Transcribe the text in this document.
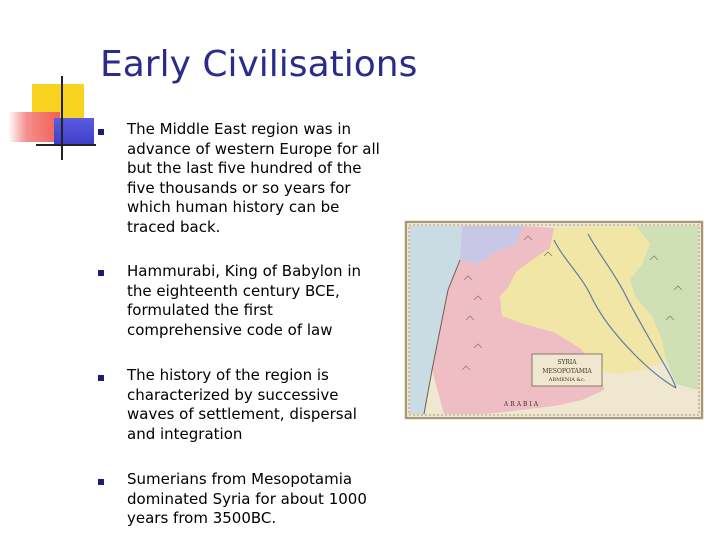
Early Civilisations
The Middle East region was in advance of western Europe for all but the last five hundred of the five thousands or so years for which human history can be traced back.
Hammurabi, King of Babylon in the eighteenth century BCE, formulated the first comprehensive code of law
The history of the region is characterized by successive waves of settlement, dispersal and integration
Sumerians from Mesopotamia dominated Syria for about 1000 years from 3500BC.
SYRIA
MESOPOTAMIA
ARMENIA &c.
ARABIA
